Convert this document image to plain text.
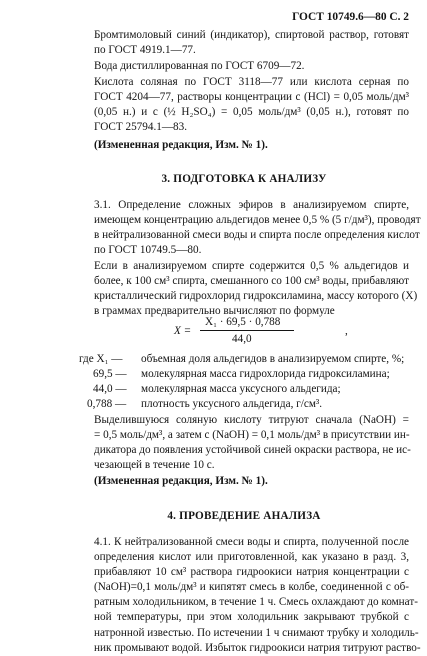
ГОСТ 10749.6—80 С. 2
Бромтимоловый синий (индикатор), спиртовой раствор, готовят
по ГОСТ 4919.1—77.
Вода дистиллированная по ГОСТ 6709—72.
Кислота соляная по ГОСТ 3118—77 или кислота серная по
ГОСТ 4204—77, растворы концентрации с (HCl) = 0,05 моль/дм³
(0,05 н.) и с (½ H₂SO₄) = 0,05 моль/дм³ (0,05 н.), готовят по
ГОСТ 25794.1—83.
(Измененная редакция, Изм. № 1).
3. ПОДГОТОВКА К АНАЛИЗУ
3.1. Определение сложных эфиров в анализируемом спирте,
имеющем концентрацию альдегидов менее 0,5 % (5 г/дм³), проводят
в нейтрализованной смеси воды и спирта после определения кислот
по ГОСТ 10749.5—80.
Если в анализируемом спирте содержится 0,5 % альдегидов и
более, к 100 см³ спирта, смешанного со 100 см³ воды, прибавляют
кристаллический гидрохлорид гидроксиламина, массу которого (X)
в граммах предварительно вычисляют по формуле
X =
X₁ · 69,5 · 0,788
44,0
,
где X₁ — объемная доля альдегидов в анализируемом спирте, %;
69,5 — молекулярная масса гидрохлорида гидроксиламина;
44,0 — молекулярная масса уксусного альдегида;
0,788 — плотность уксусного альдегида, г/см³.
Выделившуюся соляную кислоту титруют сначала (NaOH) =
= 0,5 моль/дм³, а затем с (NaOH) = 0,1 моль/дм³ в присутствии ин-
дикатора до появления устойчивой синей окраски раствора, не ис-
чезающей в течение 10 с.
(Измененная редакция, Изм. № 1).
4. ПРОВЕДЕНИЕ АНАЛИЗА
4.1. К нейтрализованной смеси воды и спирта, полученной после
определения кислот или приготовленной, как указано в разд. 3,
прибавляют 10 см³ раствора гидроокиси натрия концентрации с
(NaOH)=0,1 моль/дм³ и кипятят смесь в колбе, соединенной с об-
ратным холодильником, в течение 1 ч. Смесь охлаждают до комнат-
ной температуры, при этом холодильник закрывают трубкой с
натронной известью. По истечении 1 ч снимают трубку и холодиль-
ник промывают водой. Избыток гидроокиси натрия титруют раство-
